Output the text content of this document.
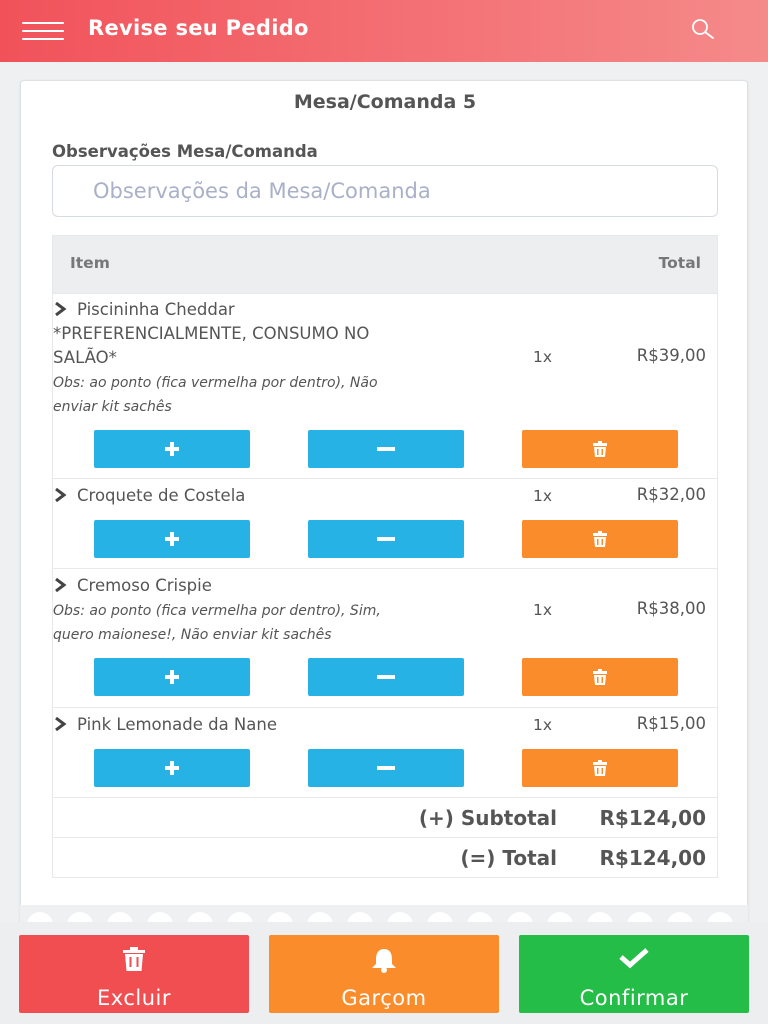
Revise seu Pedido
Mesa/Comanda 5
Observações Mesa/Comanda
Observações da Mesa/Comanda
Item	Total
Piscininha Cheddar
*PREFERENCIALMENTE, CONSUMO NO
SALÃO*
Obs: ao ponto (fica vermelha por dentro), Não
enviar kit sachês
1x	R$39,00
Croquete de Costela	1x	R$32,00
Cremoso Crispie
Obs: ao ponto (fica vermelha por dentro), Sim,
quero maionese!, Não enviar kit sachês
1x	R$38,00
Pink Lemonade da Nane	1x	R$15,00
(+) Subtotal R$124,00
(=) Total R$124,00
Excluir	Garçom	Confirmar
